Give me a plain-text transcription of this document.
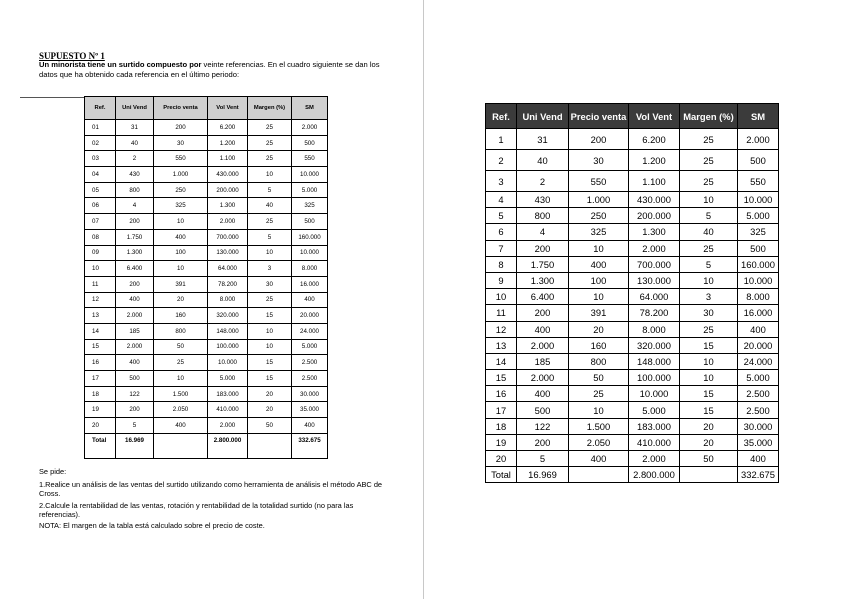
SUPUESTO Nº 1
Un minorista tiene un surtido compuesto por veinte referencias. En el cuadro siguiente se dan los datos que ha obtenido cada referencia en el último periodo:
Ref.	Uni Vend	Precio venta	Vol Vent	Margen (%)	SM
01	31	200	6.200	25	2.000
02	40	30	1.200	25	500
03	2	550	1.100	25	550
04	430	1.000	430.000	10	10.000
05	800	250	200.000	5	5.000
06	4	325	1.300	40	325
07	200	10	2.000	25	500
08	1.750	400	700.000	5	160.000
09	1.300	100	130.000	10	10.000
10	6.400	10	64.000	3	8.000
11	200	391	78.200	30	16.000
12	400	20	8.000	25	400
13	2.000	160	320.000	15	20.000
14	185	800	148.000	10	24.000
15	2.000	50	100.000	10	5.000
16	400	25	10.000	15	2.500
17	500	10	5.000	15	2.500
18	122	1.500	183.000	20	30.000
19	200	2.050	410.000	20	35.000
20	5	400	2.000	50	400
Total	16.969		2.800.000		332.675

Se pide:

1.Realice un análisis de las ventas del surtido utilizando como herramienta de análisis el método ABC de Cross.

2.Calcule la rentabilidad de las ventas, rotación y rentabilidad de la totalidad surtido (no para las referencias).

NOTA: El margen de la tabla está calculado sobre el precio de coste.

Ref.	Uni Vend	Precio venta	Vol Vent	Margen (%)	SM
1	31	200	6.200	25	2.000
2	40	30	1.200	25	500
3	2	550	1.100	25	550
4	430	1.000	430.000	10	10.000
5	800	250	200.000	5	5.000
6	4	325	1.300	40	325
7	200	10	2.000	25	500
8	1.750	400	700.000	5	160.000
9	1.300	100	130.000	10	10.000
10	6.400	10	64.000	3	8.000
11	200	391	78.200	30	16.000
12	400	20	8.000	25	400
13	2.000	160	320.000	15	20.000
14	185	800	148.000	10	24.000
15	2.000	50	100.000	10	5.000
16	400	25	10.000	15	2.500
17	500	10	5.000	15	2.500
18	122	1.500	183.000	20	30.000
19	200	2.050	410.000	20	35.000
20	5	400	2.000	50	400
Total	16.969		2.800.000		332.675
